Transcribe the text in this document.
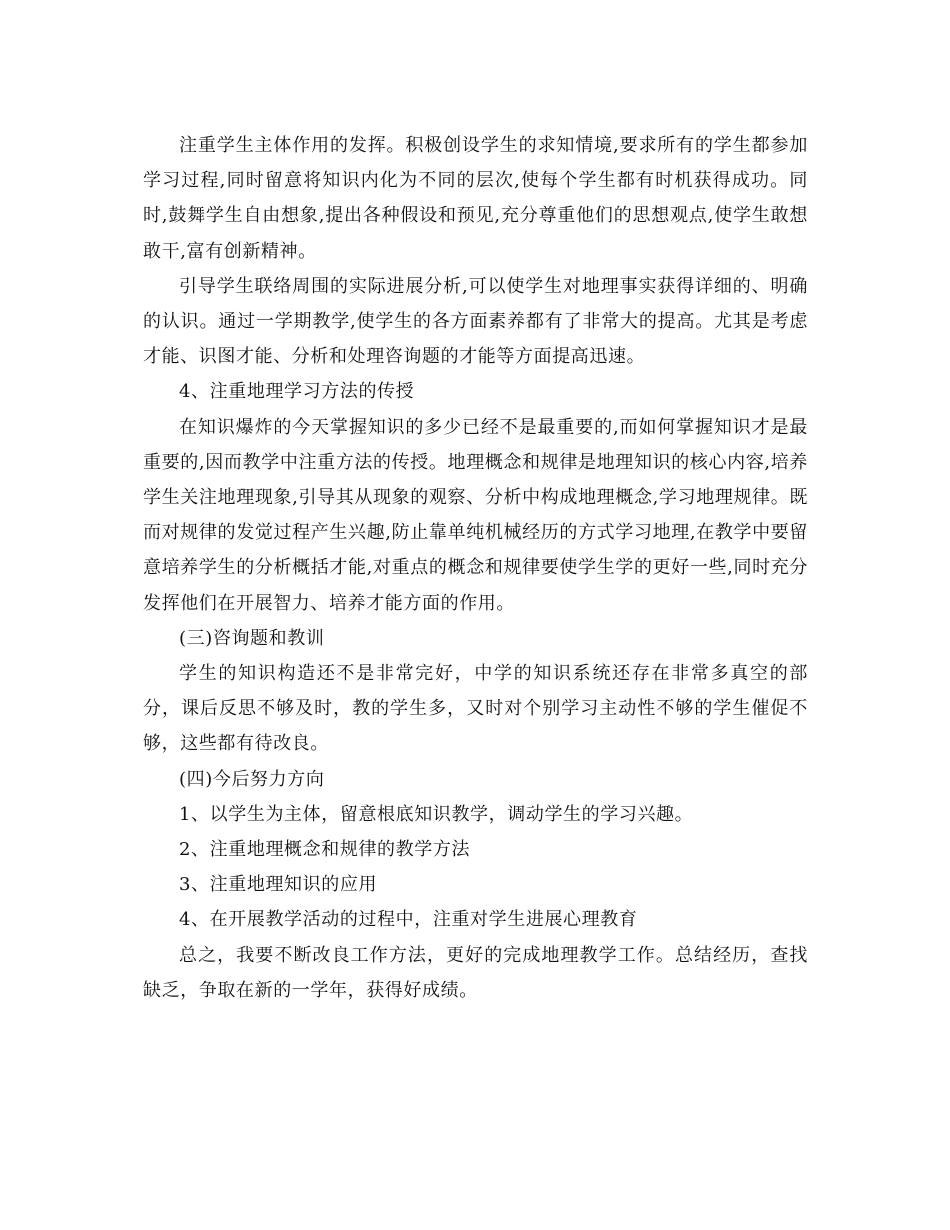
注重学生主体作用的发挥。积极创设学生的求知情境,要求所有的学生都参加学习过程,同时留意将知识内化为不同的层次,使每个学生都有时机获得成功。同时,鼓舞学生自由想象,提出各种假设和预见,充分尊重他们的思想观点,使学生敢想敢干,富有创新精神。

引导学生联络周围的实际进展分析,可以使学生对地理事实获得详细的、明确的认识。通过一学期教学,使学生的各方面素养都有了非常大的提高。尤其是考虑才能、识图才能、分析和处理咨询题的才能等方面提高迅速。

4、注重地理学习方法的传授

在知识爆炸的今天掌握知识的多少已经不是最重要的,而如何掌握知识才是最重要的,因而教学中注重方法的传授。地理概念和规律是地理知识的核心内容,培养学生关注地理现象,引导其从现象的观察、分析中构成地理概念,学习地理规律。既而对规律的发觉过程产生兴趣,防止靠单纯机械经历的方式学习地理,在教学中要留意培养学生的分析概括才能,对重点的概念和规律要使学生学的更好一些,同时充分发挥他们在开展智力、培养才能方面的作用。

(三)咨询题和教训

学生的知识构造还不是非常完好，中学的知识系统还存在非常多真空的部分，课后反思不够及时，教的学生多，又时对个别学习主动性不够的学生催促不够，这些都有待改良。

(四)今后努力方向

1、以学生为主体，留意根底知识教学，调动学生的学习兴趣。

2、注重地理概念和规律的教学方法

3、注重地理知识的应用

4、在开展教学活动的过程中，注重对学生进展心理教育

总之，我要不断改良工作方法，更好的完成地理教学工作。总结经历，查找缺乏，争取在新的一学年，获得好成绩。
